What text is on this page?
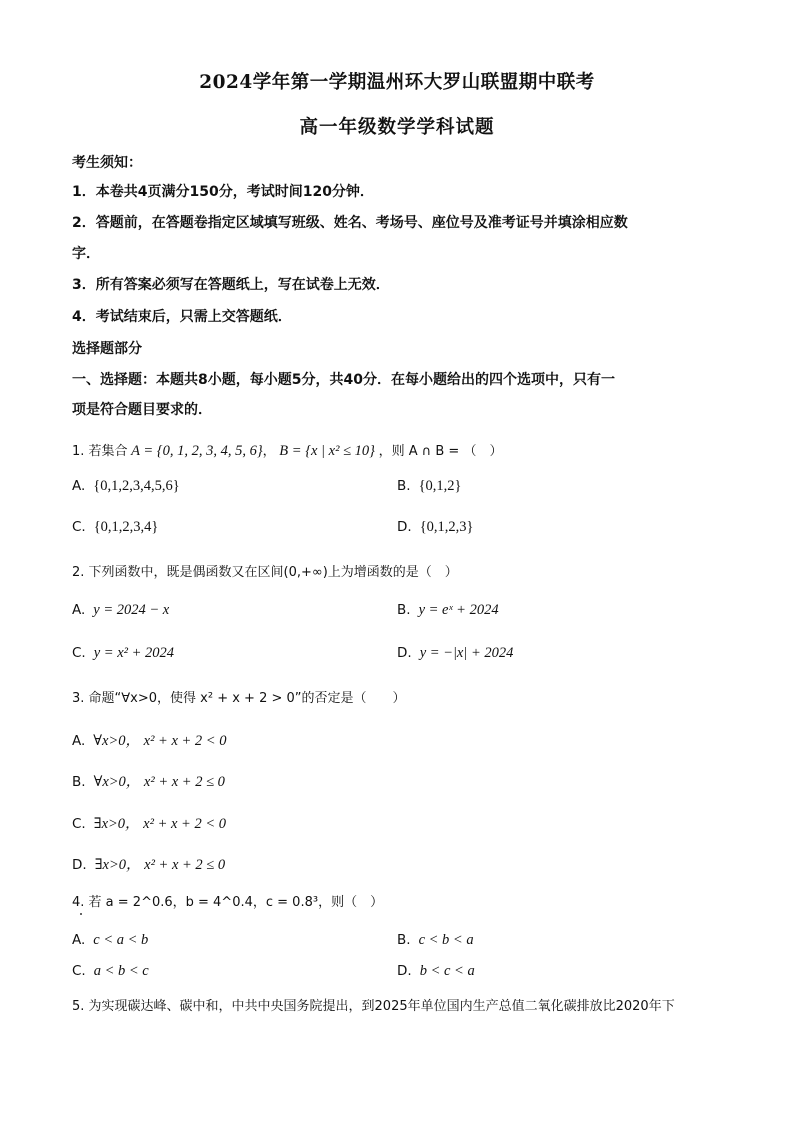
2024学年第一学期温州环大罗山联盟期中联考
高一年级数学学科试题
考生须知：
1．本卷共4页满分150分，考试时间120分钟．
2．答题前，在答题卷指定区域填写班级、姓名、考场号、座位号及准考证号并填涂相应数
字．
3．所有答案必须写在答题纸上，写在试卷上无效．
4．考试结束后，只需上交答题纸．
选择题部分
一、选择题：本题共8小题，每小题5分，共40分．在每小题给出的四个选项中，只有一
项是符合题目要求的．
1. 若集合 A = {0, 1, 2, 3, 4, 5, 6}， B = {x | x² ≤ 10} ，则 A ∩ B = （　）
A. {0,1,2,3,4,5,6}	B. {0,1,2}
C. {0,1,2,3,4}	D. {0,1,2,3}
2. 下列函数中，既是偶函数又在区间(0,+∞)上为增函数的是（　）
A. y = 2024 − x	B. y = eˣ + 2024
C. y = x² + 2024	D. y = −|x| + 2024
3. 命题“∀x>0，使得 x² + x + 2 > 0”的否定是（　　）
A. ∀x>0， x² + x + 2 < 0
B. ∀x>0， x² + x + 2 ≤ 0
C. ∃x>0， x² + x + 2 < 0
D. ∃x>0， x² + x + 2 ≤ 0
4. 若 a = 2^0.6，b = 4^0.4，c = 0.8³，则（　）
A. c < a < b	B. c < b < a
C. a < b < c	D. b < c < a
5. 为实现碳达峰、碳中和，中共中央国务院提出，到2025年单位国内生产总值二氧化碳排放比2020年下
